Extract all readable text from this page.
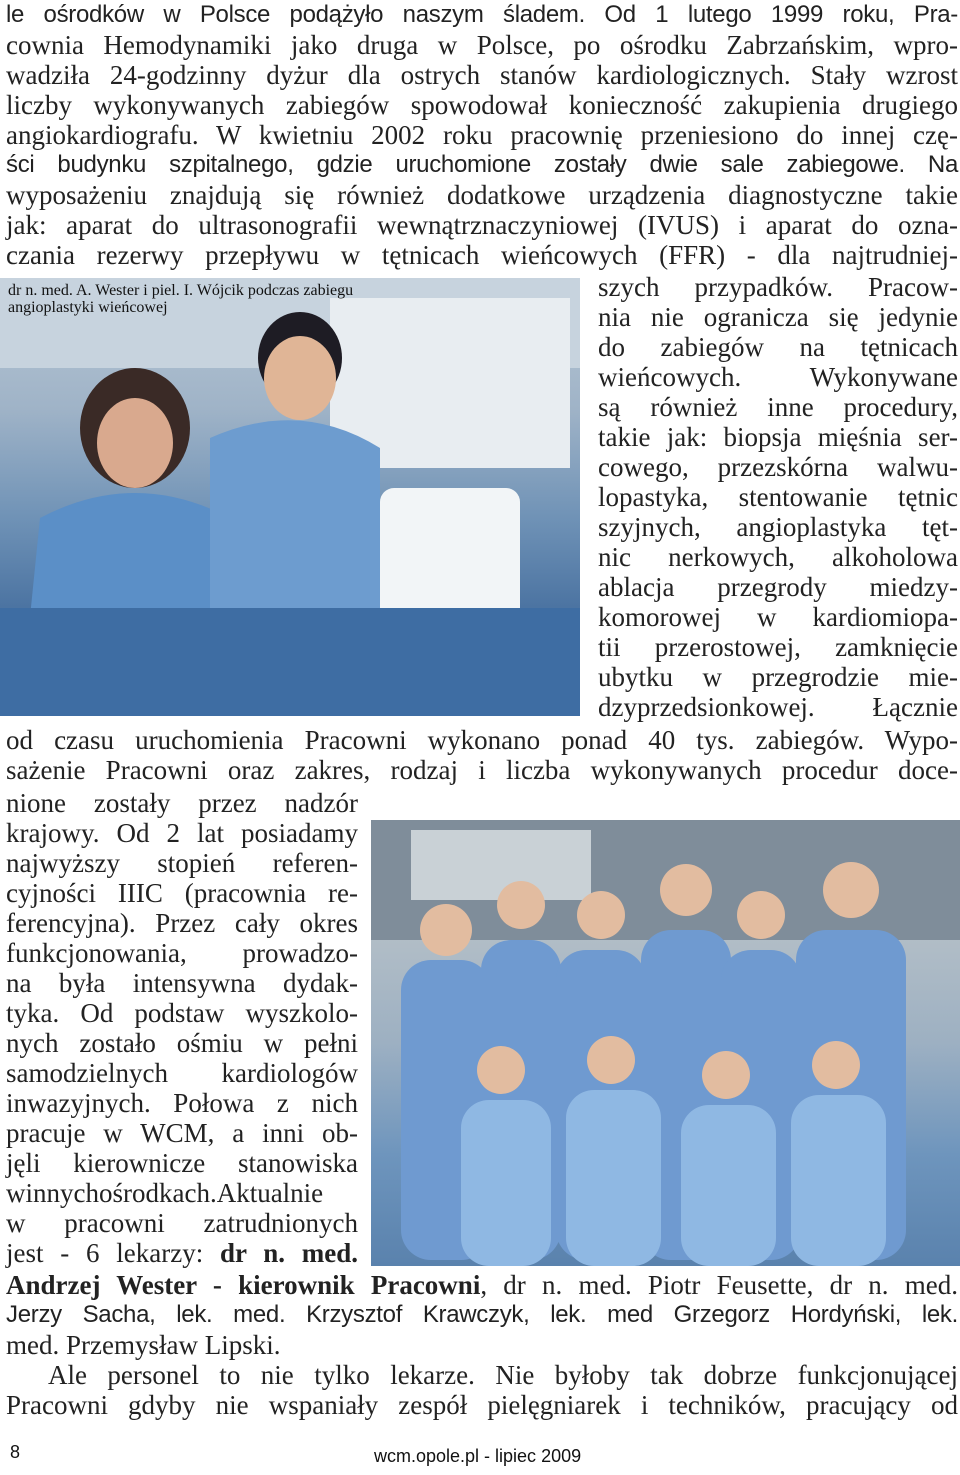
le ośrodków w Polsce podążyło naszym śladem. Od 1 lutego 1999 roku, Pra-

cownia Hemodynamiki jako druga w Polsce, po ośrodku Zabrzańskim, wpro-

wadziła 24-godzinny dyżur dla ostrych stanów kardiologicznych. Stały wzrost

liczby wykonywanych zabiegów spowodował konieczność zakupienia drugiego

angiokardiografu. W kwietniu 2002 roku pracownię przeniesiono do innej czę-

ści budynku szpitalnego, gdzie uruchomione zostały dwie sale zabiegowe. Na

wyposażeniu znajdują się również dodatkowe urządzenia diagnostyczne takie

jak: aparat do ultrasonografii wewnątrznaczyniowej (IVUS) i aparat do ozna-

czania rezerwy przepływu w tętnicach wieńcowych (FFR) - dla najtrudniej-

dr n. med. A. Wester i piel. I. Wójcik podczas zabiegu
angioplastyki wieńcowej

szych przypadków. Pracow-

nia nie ogranicza się jedynie

do zabiegów na tętnicach

wieńcowych. Wykonywane

są również inne procedury,

takie jak: biopsja mięśnia ser-

cowego, przezskórna walwu-

lopastyka, stentowanie tętnic

szyjnych, angioplastyka tęt-

nic nerkowych, alkoholowa

ablacja przegrody miedzy-

komorowej w kardiomiopa-

tii przerostowej, zamknięcie

ubytku w przegrodzie mie-

dzyprzedsionkowej. Łącznie

od czasu uruchomienia Pracowni wykonano ponad 40 tys. zabiegów. Wypo-

sażenie Pracowni oraz zakres, rodzaj i liczba wykonywanych procedur doce-

nione zostały przez nadzór

krajowy. Od 2 lat posiadamy

najwyższy stopień referen-

cyjności IIIC (pracownia re-

ferencyjna). Przez cały okres

funkcjonowania, prowadzo-

na była intensywna dydak-

tyka. Od podstaw wyszkolo-

nych zostało ośmiu w pełni

samodzielnych kardiologów

inwazyjnych. Połowa z nich

pracuje w WCM, a inni ob-

jęli kierownicze stanowiska

winnychośrodkach.Aktualnie

w pracowni zatrudnionych

jest - 6 lekarzy: dr n. med.

Andrzej Wester - kierownik Pracowni, dr n. med. Piotr Feusette, dr n. med.

Jerzy Sacha, lek. med. Krzysztof Krawczyk, lek. med Grzegorz Hordyński, lek.

med. Przemysław Lipski.

Ale personel to nie tylko lekarze. Nie byłoby tak dobrze funkcjonującej

Pracowni gdyby nie wspaniały zespół pielęgniarek i techników, pracujący od

8	wcm.opole.pl - lipiec 2009
